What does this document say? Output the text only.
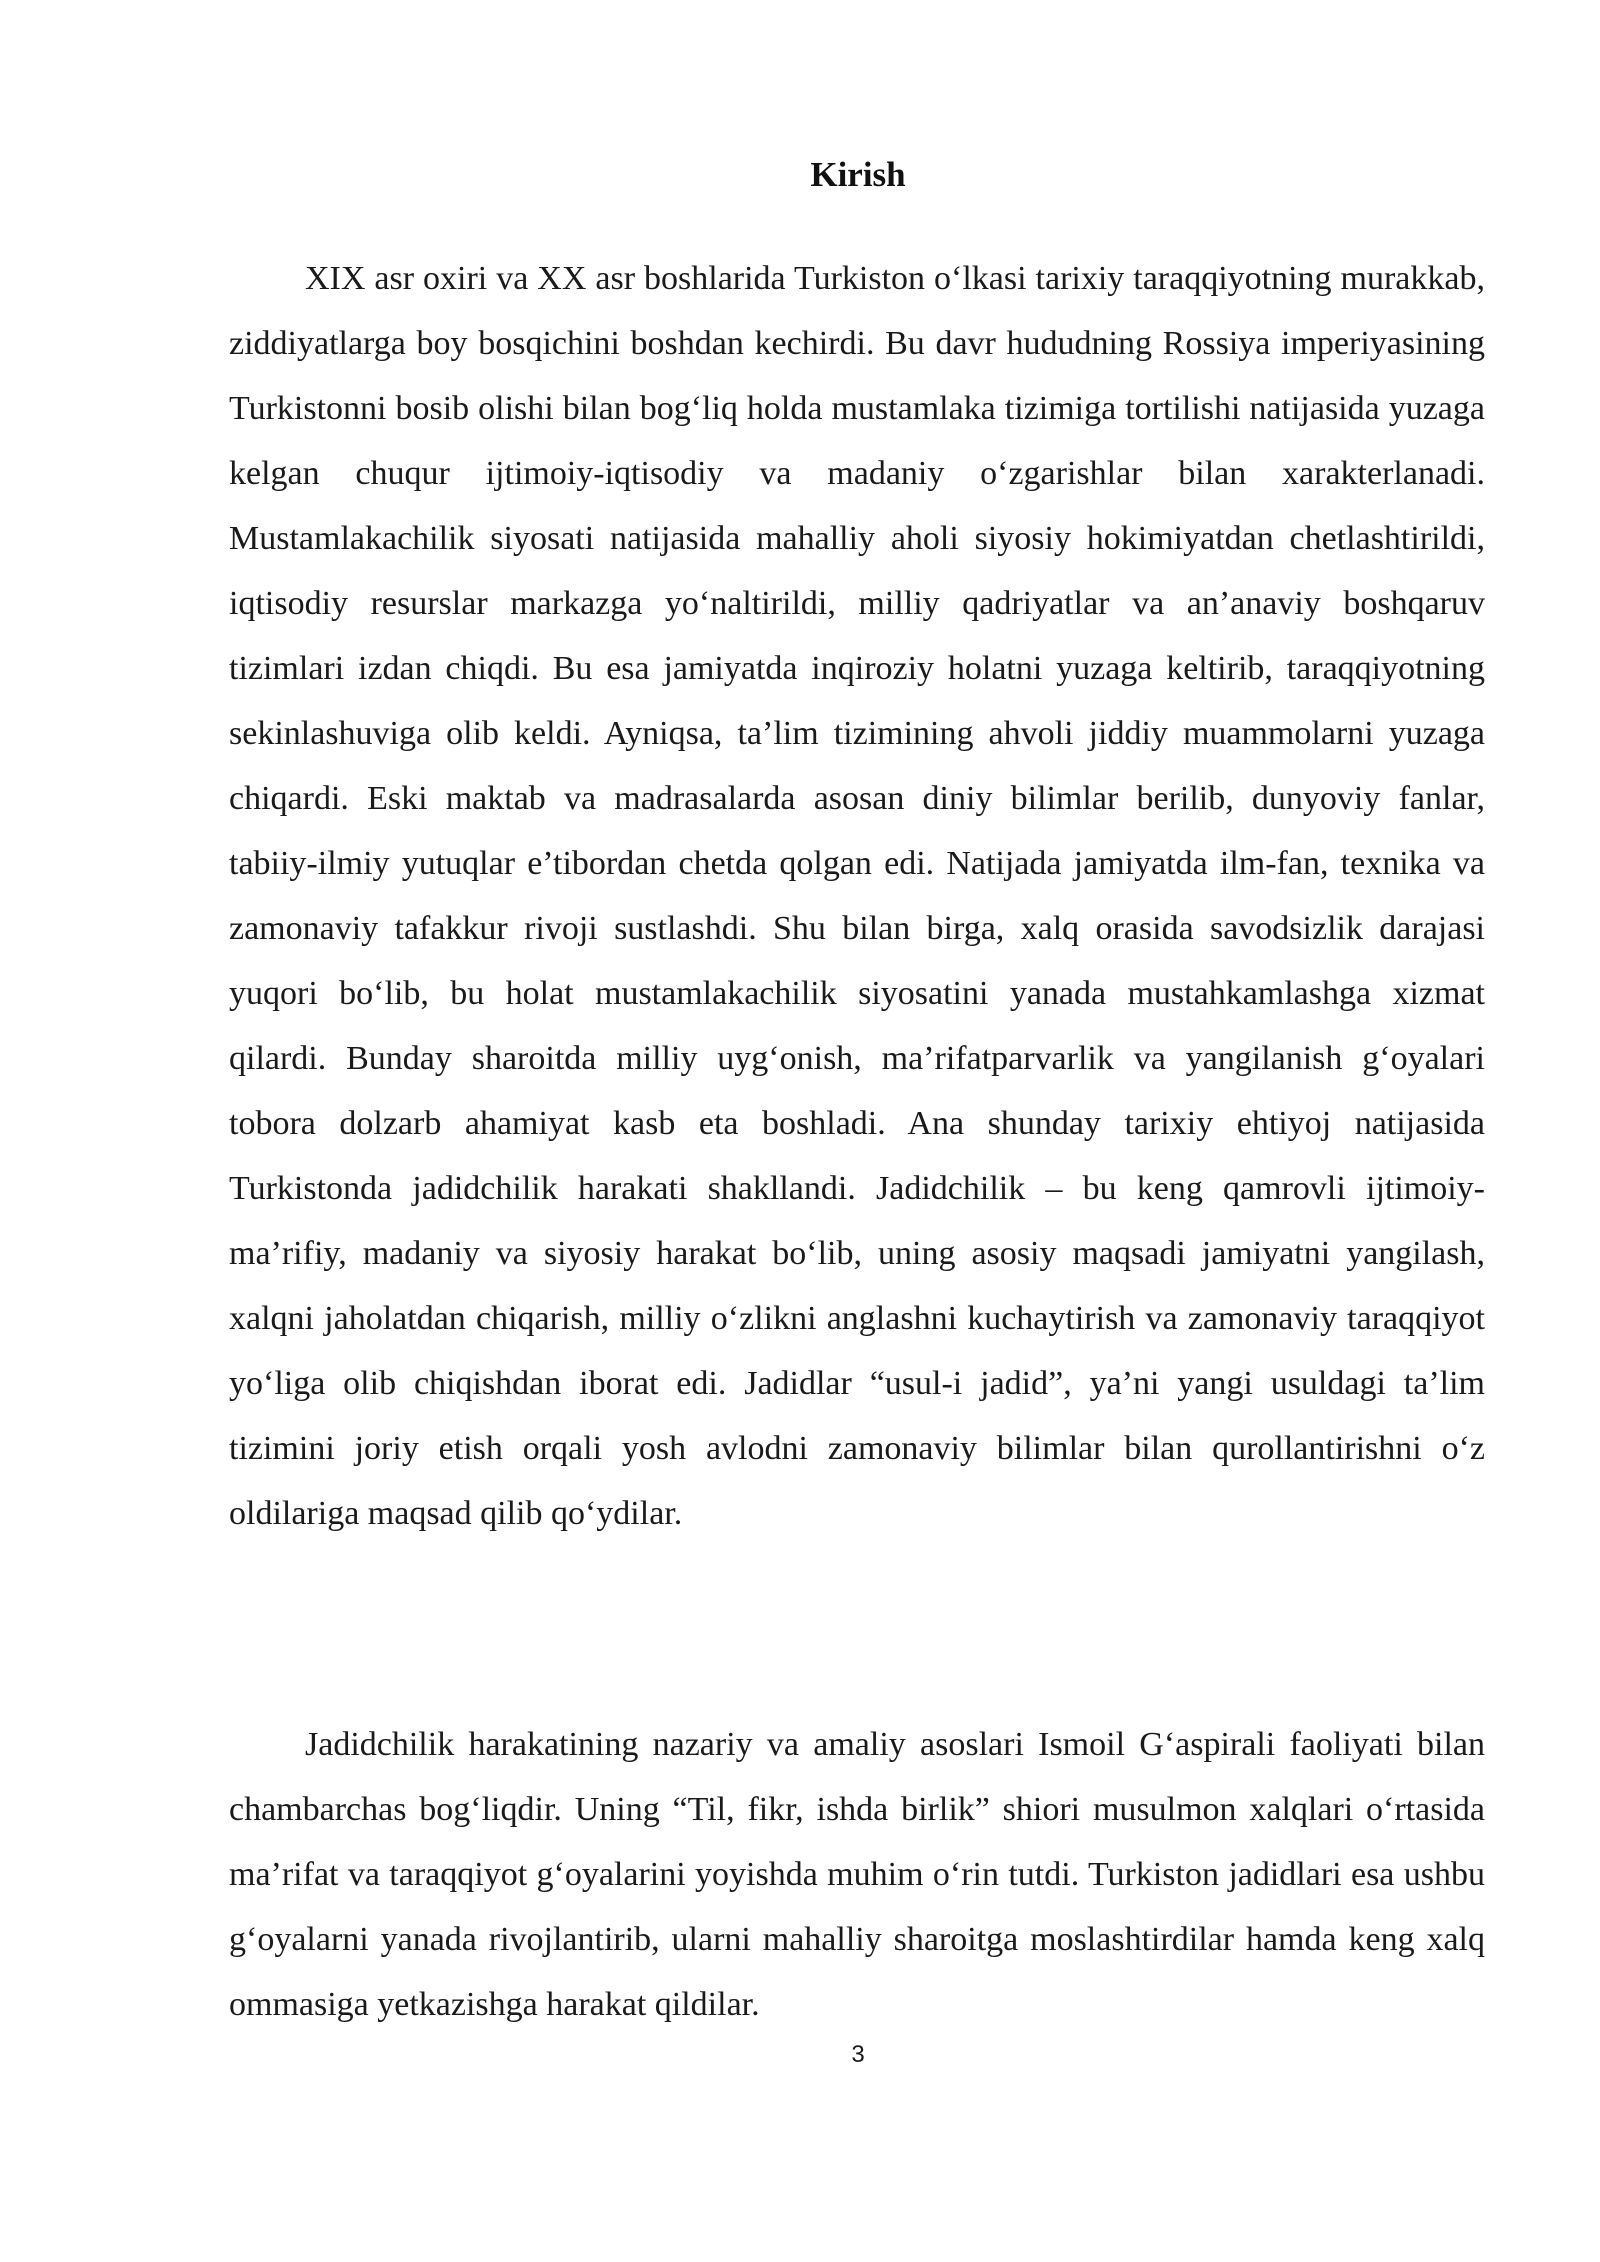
Kirish

XIX asr oxiri va XX asr boshlarida Turkiston o‘lkasi tarixiy taraqqiyotning murakkab, ziddiyatlarga boy bosqichini boshdan kechirdi. Bu davr hududning Rossiya imperiyasining Turkistonni bosib olishi bilan bog‘liq holda mustamlaka tizimiga tortilishi natijasida yuzaga kelgan chuqur ijtimoiy-iqtisodiy va madaniy o‘zgarishlar bilan xarakterlanadi. Mustamlakachilik siyosati natijasida mahalliy aholi siyosiy hokimiyatdan chetlashtirildi, iqtisodiy resurslar markazga yo‘naltirildi, milliy qadriyatlar va an’anaviy boshqaruv tizimlari izdan chiqdi. Bu esa jamiyatda inqiroziy holatni yuzaga keltirib, taraqqiyotning sekinlashuviga olib keldi. Ayniqsa, ta’lim tizimining ahvoli jiddiy muammolarni yuzaga chiqardi. Eski maktab va madrasalarda asosan diniy bilimlar berilib, dunyoviy fanlar, tabiiy-ilmiy yutuqlar e’tibordan chetda qolgan edi. Natijada jamiyatda ilm-fan, texnika va zamonaviy tafakkur rivoji sustlashdi. Shu bilan birga, xalq orasida savodsizlik darajasi yuqori bo‘lib, bu holat mustamlakachilik siyosatini yanada mustahkamlashga xizmat qilardi. Bunday sharoitda milliy uyg‘onish, ma’rifatparvarlik va yangilanish g‘oyalari tobora dolzarb ahamiyat kasb eta boshladi. Ana shunday tarixiy ehtiyoj natijasida Turkistonda jadidchilik harakati shakllandi. Jadidchilik – bu keng qamrovli ijtimoiy-ma’rifiy, madaniy va siyosiy harakat bo‘lib, uning asosiy maqsadi jamiyatni yangilash, xalqni jaholatdan chiqarish, milliy o‘zlikni anglashni kuchaytirish va zamonaviy taraqqiyot yo‘liga olib chiqishdan iborat edi. Jadidlar “usul-i jadid”, ya’ni yangi usuldagi ta’lim tizimini joriy etish orqali yosh avlodni zamonaviy bilimlar bilan qurollantirishni o‘z oldilariga maqsad qilib qo‘ydilar.

Jadidchilik harakatining nazariy va amaliy asoslari Ismoil G‘aspirali faoliyati bilan chambarchas bog‘liqdir. Uning “Til, fikr, ishda birlik” shiori musulmon xalqlari o‘rtasida ma’rifat va taraqqiyot g‘oyalarini yoyishda muhim o‘rin tutdi. Turkiston jadidlari esa ushbu g‘oyalarni yanada rivojlantirib, ularni mahalliy sharoitga moslashtirdilar hamda keng xalq ommasiga yetkazishga harakat qildilar.

3
